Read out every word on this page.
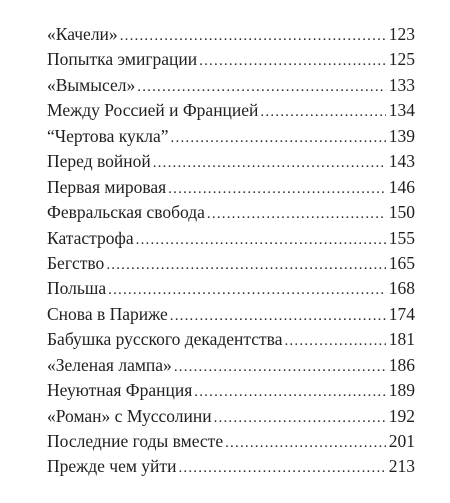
«Качели» .....	123
Попытка эмиграции .....	125
«Вымысел» .....	133
Между Россией и Францией .....	134
“Чертова кукла” .....	139
Перед войной .....	143
Первая мировая .....	146
Февральская свобода .....	150
Катастрофа .....	155
Бегство .....	165
Польша .....	168
Снова в Париже .....	174
Бабушка русского декадентства .....	181
«Зеленая лампа» .....	186
Неуютная Франция .....	189
«Роман» с Муссолини .....	192
Последние годы вместе .....	201
Прежде чем уйти .....	213
